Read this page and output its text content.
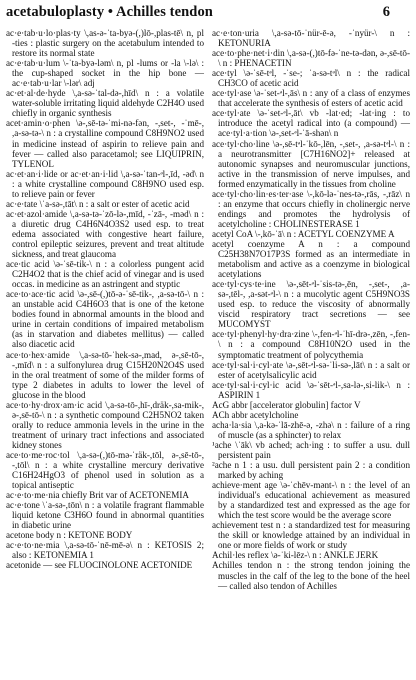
acetabuloplasty • Achilles tendon	6

ac·e·tab·u·lo·plas·ty \,as-ə-ˈta-byə-(,)lō-,plas-tē\ n, pl -ties : plastic surgery on the acetabulum intended to restore its normal state

ac·e·tab·u·lum \-ˈta-byə-ləm\ n, pl -lums or -la \-lə\ : the cup-shaped socket in the hip bone — ac·e·tab·u·lar \-lər\ adj

ac·et·al·de·hyde \,a-sə-ˈtal-də-,hīd\ n : a volatile water-soluble irritating liquid aldehyde C2H4O used chiefly in organic synthesis

acet·amin·o·phen \ə-,sē-tə-ˈmi-nə-fən, -,set-, -ˈmē-, ,a-sə-tə-\ n : a crystalline compound C8H9NO2 used in medicine instead of aspirin to relieve pain and fever — called also paracetamol; see LIQUIPRIN, TYLENOL

ac·et·an·i·lide or ac·et·an·i·lid \,a-sə-ˈtan-ᵊl-,īd, -əd\ n : a white crystalline compound C8H9NO used esp. to relieve pain or fever

ac·e·tate \ˈa-sə-,tāt\ n : a salt or ester of acetic acid

ac·et·azol·amide \,a-sə-tə-ˈzō-lə-,mīd, -ˈzā-, -məd\ n : a diuretic drug C4H6N4O3S2 used esp. to treat edema associated with congestive heart failure, control epileptic seizures, prevent and treat altitude sickness, and treat glaucoma

ace·tic acid \ə-ˈsē-tik-\ n : a colorless pungent acid C2H4O2 that is the chief acid of vinegar and is used occas. in medicine as an astringent and styptic

ace·to·ace·tic acid \ə-,sē-(,)tō-ə-ˈsē-tik-, ,a-sə-tō-\ n : an unstable acid C4H6O3 that is one of the ketone bodies found in abnormal amounts in the blood and urine in certain conditions of impaired metabolism (as in starvation and diabetes mellitus) — called also diacetic acid

ace·to·hex·amide \,a-sə-tō-ˈhek-sə-,mad, ə-,sē-tō-, -,mīd\ n : a sulfonylurea drug C15H20N2O4S used in the oral treatment of some of the milder forms of type 2 diabetes in adults to lower the level of glucose in the blood

ace·to·hy·drox·am·ic acid \,a-sə-tō-,hī-,dräk-,sa-mik-, ə-,sē-tō-\ n : a synthetic compound C2H5NO2 taken orally to reduce ammonia levels in the urine in the treatment of urinary tract infections and associated kidney stones

ace·to·me·roc·tol \,a-sə-(,)tō-mə-ˈräk-,tōl, ə-,sē-tō-, -,tōl\ n : a white crystalline mercury derivative C16H24HgO3 of phenol used in solution as a topical antiseptic

ac·e·to·me·nia chiefly Brit var of ACETONEMIA

ac·e·tone \ˈa-sə-,tōn\ n : a volatile fragrant flammable liquid ketone C3H6O found in abnormal quantities in diabetic urine

acetone body n : KETONE BODY

ac·e·to·ne·mia \,a-sə-tō-ˈnē-mē-ə\ n : KETOSIS 2; also : KETONEMIA 1

acetonide — see FLUOCINOLONE ACETONIDE

ac·e·ton·uria \,a-sə-tō-ˈnür-ē-ə, -ˈnyür-\ n : KETONURIA

ace·to·phe·net·i·din \,a-sə-(,)tō-fə-ˈne-tə-dən, ə-,sē-tō-\ n : PHENACETIN

ace·tyl \ə-ˈsē-tᵊl, -ˈse-; ˈa-sə-tᵊl\ n : the radical CH3CO of acetic acid

ace·tyl·ase \ə-ˈset-ᵊl-,ās\ n : any of a class of enzymes that accelerate the synthesis of esters of acetic acid

ace·tyl·ate \ə-ˈset-ᵊl-,āt\ vb -lat·ed; -lat·ing : to introduce the acetyl radical into (a compound) — ace·tyl·a·tion \ə-,set-ᵊl-ˈā-shən\ n

ace·tyl·cho·line \ə-,sē-tᵊl-ˈkō-,lēn, -,set-, ,a-sə-tᵊl-\ n : a neurotransmitter [C7H16NO2]+ released at autonomic synapses and neuromuscular junctions, active in the transmission of nerve impulses, and formed enzymatically in the tissues from choline

ace·tyl·cho·lin·es·ter·ase \-,kō-lə-ˈnes-tə-,rās, -,rāz\ n : an enzyme that occurs chiefly in cholinergic nerve endings and promotes the hydrolysis of acetylcholine : CHOLINESTERASE 1

acetyl CoA \-,kō-ˈā\ n : ACETYL COENZYME A

acetyl coenzyme A n : a compound C25H38N7O17P3S formed as an intermediate in metabolism and active as a coenzyme in biological acetylations

ace·tyl·cys·te·ine \ə-,sēt-ᵊl-ˈsis-tə-,ēn, -,set-, ,a-sə-,tēl-, ,a-sət-ᵊl-\ n : a mucolytic agent C5H9NO3S used esp. to reduce the viscosity of abnormally viscid respiratory tract secretions — see MUCOMYST

ace·tyl·phenyl·hy·dra·zine \-,fen-ᵊl-ˈhī-drə-,zēn, -,fen-\ n : a compound C8H10N2O used in the symptomatic treatment of polycythemia

ace·tyl·sal·i·cyl·ate \ə-,sēt-ᵊl-sə-ˈli-sə-,lāt\ n : a salt or ester of acetylsalicylic acid

ace·tyl·sal·i·cyl·ic acid \ə-ˈsēt-ᵊl-,sa-lə-,si-lik-\ n : ASPIRIN 1

AcG abbr [accelerator globulin] factor V

ACh abbr acetylcholine

acha·la·sia \,a-kə-ˈlā-zhē-ə, -zhə\ n : failure of a ring of muscle (as a sphincter) to relax

¹ache \ˈāk\ vb ached; ach·ing : to suffer a usu. dull persistent pain

²ache n 1 : a usu. dull persistent pain 2 : a condition marked by aching

achieve·ment age \ə-ˈchēv-mənt-\ n : the level of an individual's educational achievement as measured by a standardized test and expressed as the age for which the test score would be the average score

achievement test n : a standardized test for measuring the skill or knowledge attained by an individual in one or more fields of work or study

Achil·les reflex \ə-ˈki-lēz-\ n : ANKLE JERK

Achilles tendon n : the strong tendon joining the muscles in the calf of the leg to the bone of the heel — called also tendon of Achilles
